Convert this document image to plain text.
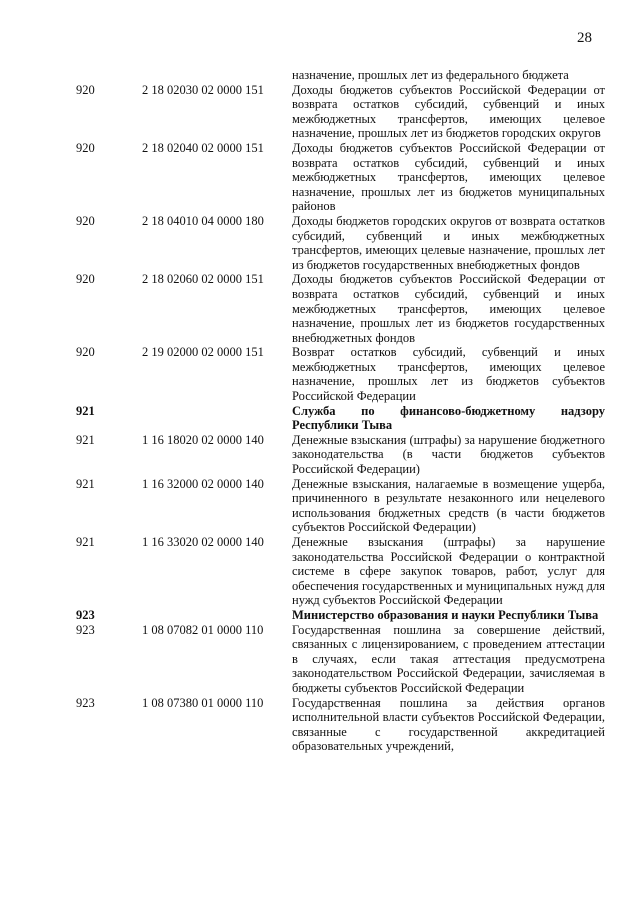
28
назначение, прошлых лет из федерального бюджета
920	2 18 02030 02 0000 151	Доходы бюджетов субъектов Российской Федерации от возврата остатков субсидий, субвенций и иных межбюджетных трансфертов, имеющих целевое назначение, прошлых лет из бюджетов городских округов
920	2 18 02040 02 0000 151	Доходы бюджетов субъектов Российской Федерации от возврата остатков субсидий, субвенций и иных межбюджетных трансфертов, имеющих целевое назначение, прошлых лет из бюджетов муниципальных районов
920	2 18 04010 04 0000 180	Доходы бюджетов городских округов от возврата остатков субсидий, субвенций и иных межбюджетных трансфертов, имеющих целевые назначение, прошлых лет из бюджетов государственных внебюджетных фондов
920	2 18 02060 02 0000 151	Доходы бюджетов субъектов Российской Федерации от возврата остатков субсидий, субвенций и иных межбюджетных трансфертов, имеющих целевое назначение, прошлых лет из бюджетов государственных внебюджетных фондов
920	2 19 02000 02 0000 151	Возврат остатков субсидий, субвенций и иных межбюджетных трансфертов, имеющих целевое назначение, прошлых лет из бюджетов субъектов Российской Федерации
921	Служба по финансово-бюджетному надзору Республики Тыва
921	1 16 18020 02 0000 140	Денежные взыскания (штрафы) за нарушение бюджетного законодательства (в части бюджетов субъектов Российской Федерации)
921	1 16 32000 02 0000 140	Денежные взыскания, налагаемые в возмещение ущерба, причиненного в результате незаконного или нецелевого использования бюджетных средств (в части бюджетов субъектов Российской Федерации)
921	1 16 33020 02 0000 140	Денежные взыскания (штрафы) за нарушение законодательства Российской Федерации о контрактной системе в сфере закупок товаров, работ, услуг для обеспечения государственных и муниципальных нужд для нужд субъектов Российской Федерации
923	Министерство образования и науки Республики Тыва
923	1 08 07082 01 0000 110	Государственная пошлина за совершение действий, связанных с лицензированием, с проведением аттестации в случаях, если такая аттестация предусмотрена законодательством Российской Федерации, зачисляемая в бюджеты субъектов Российской Федерации
923	1 08 07380 01 0000 110	Государственная пошлина за действия органов исполнительной власти субъектов Российской Федерации, связанные с государственной аккредитацией образовательных учреждений,
